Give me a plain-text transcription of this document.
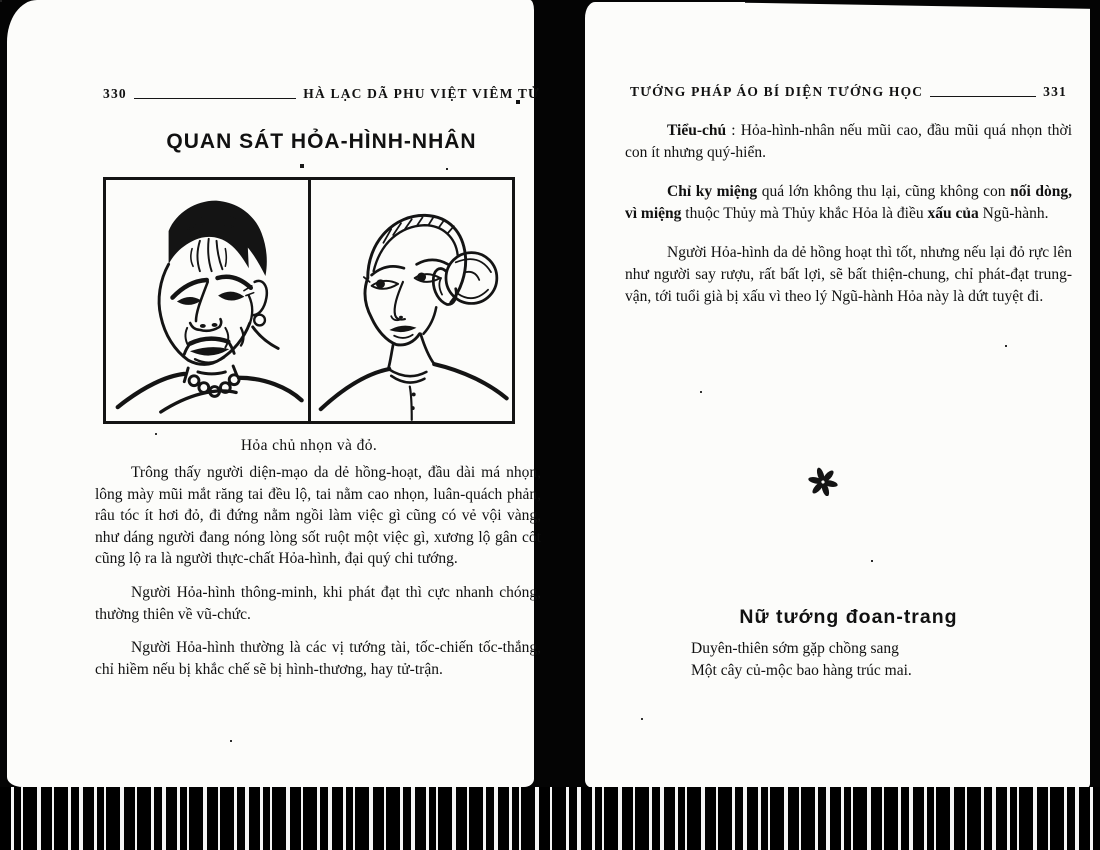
330	HÀ LẠC DÃ PHU VIỆT VIÊM TỬ
QUAN SÁT HỎA-HÌNH-NHÂN
Hỏa chủ nhọn và đỏ.

Trông thấy người diện-mạo da dẻ hồng-hoạt, đầu dài má nhọn, lông mày mũi mắt răng tai đều lộ, tai nằm cao nhọn, luân-quách phản, râu tóc ít hơi đỏ, đi đứng nằm ngồi làm việc gì cũng có vẻ vội vàng, như dáng người đang nóng lòng sốt ruột một việc gì, xương lộ gân cốt cũng lộ ra là người thực-chất Hỏa-hình, đại quý chi tướng.

Người Hỏa-hình thông-minh, khi phát đạt thì cực nhanh chóng, thường thiên về vũ-chức.

Người Hỏa-hình thường là các vị tướng tài, tốc-chiến tốc-thắng, chỉ hiềm nếu bị khắc chế sẽ bị hình-thương, hay tử-trận.

TƯỚNG PHÁP ÁO BÍ DIỆN TƯỚNG HỌC	331

Tiểu-chú : Hỏa-hình-nhân nếu mũi cao, đầu mũi quá nhọn thời con ít nhưng quý-hiển.

Chỉ ky miệng quá lớn không thu lại, cũng không con nối dòng, vì miệng thuộc Thủy mà Thủy khắc Hỏa là điều xấu của Ngũ-hành.

Người Hỏa-hình da dẻ hồng hoạt thì tốt, nhưng nếu lại đỏ rực lên như người say rượu, rất bất lợi, sẽ bất thiện-chung, chỉ phát-đạt trung-vận, tới tuổi già bị xấu vì theo lý Ngũ-hành Hỏa này là dứt tuyệt đi.

Nữ tướng đoan-trang
Duyên-thiên sớm gặp chồng sang
Một cây củ-mộc bao hàng trúc mai.
